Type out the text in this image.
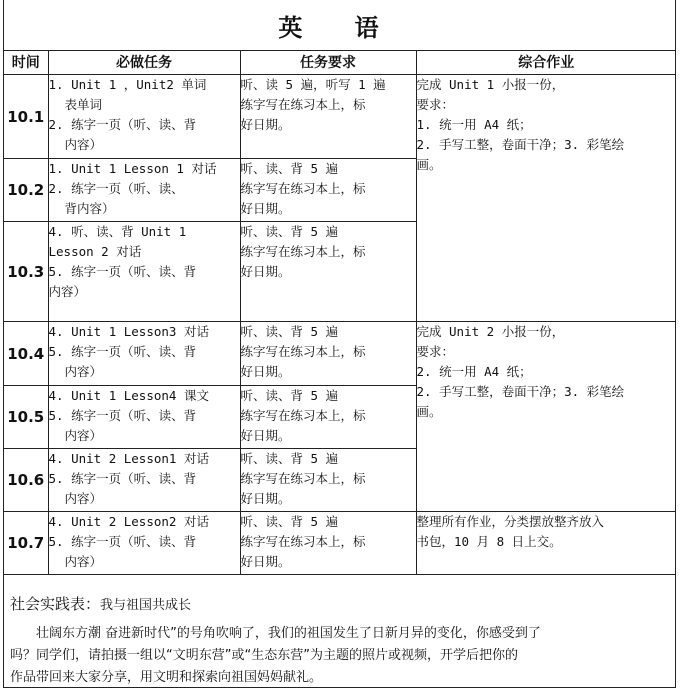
英 语
时间	必做任务	任务要求	综合作业
10.1	1. Unit 1 ，Unit2 单词
表单词
2. 练字一页（听、读、背
内容）	听、读 5 遍，听写 1 遍
练字写在练习本上，标
好日期。	完成 Unit 1 小报一份，
要求：
1. 统一用 A4 纸；
2. 手写工整，卷面干净；3. 彩笔绘
画。

10.2	1. Unit 1 Lesson 1 对话
2. 练字一页（听、读、
背内容）	听、读、背 5 遍
练字写在练习本上，标
好日期。	

10.3	4. 听、读、背 Unit 1
Lesson 2 对话
5. 练字一页（听、读、背
内容）	听、读、背 5 遍
练字写在练习本上，标
好日期。	

10.4	4. Unit 1 Lesson3 对话
5. 练字一页（听、读、背
内容）	听、读、背 5 遍
练字写在练习本上，标
好日期。	完成 Unit 2 小报一份，
要求：
2. 统一用 A4 纸；
2. 手写工整，卷面干净；3. 彩笔绘
画。

10.5	4. Unit 1 Lesson4 课文
5. 练字一页（听、读、背
内容）	听、读、背 5 遍
练字写在练习本上，标
好日期。	

10.6	4. Unit 2 Lesson1 对话
5. 练字一页（听、读、背
内容）	听、读、背 5 遍
练字写在练习本上，标
好日期。	

10.7	4. Unit 2 Lesson2 对话
5. 练字一页（听、读、背
内容）	听、读、背 5 遍
练字写在练习本上，标
好日期。	整理所有作业，分类摆放整齐放入
书包，10 月 8 日上交。
社会实践表：我与祖国共成长
壮阔东方潮 奋进新时代”的号角吹响了，我们的祖国发生了日新月异的变化，你感受到了
吗？同学们，请拍摄一组以“文明东营”或“生态东营”为主题的照片或视频，开学后把你的
作品带回来大家分享，用文明和探索向祖国妈妈献礼。
